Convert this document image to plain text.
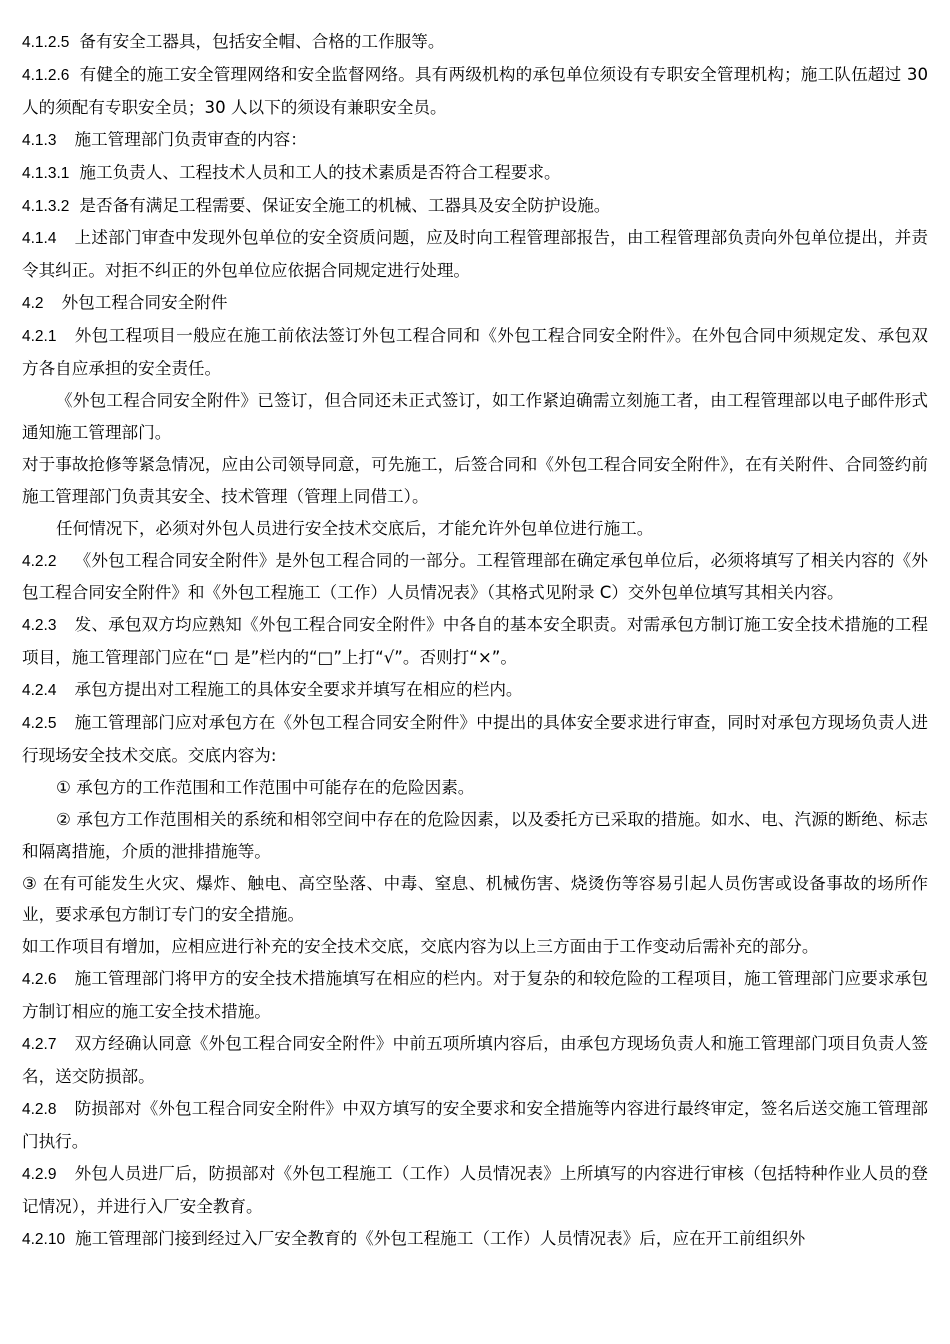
4.1.2.5 备有安全工器具，包括安全帽、合格的工作服等。

4.1.2.6 有健全的施工安全管理网络和安全监督网络。具有两级机构的承包单位须设有专职安全管理机构；施工队伍超过 30 人的须配有专职安全员；30 人以下的须设有兼职安全员。

4.1.3 施工管理部门负责审查的内容：

4.1.3.1 施工负责人、工程技术人员和工人的技术素质是否符合工程要求。

4.1.3.2 是否备有满足工程需要、保证安全施工的机械、工器具及安全防护设施。

4.1.4 上述部门审查中发现外包单位的安全资质问题，应及时向工程管理部报告，由工程管理部负责向外包单位提出，并责令其纠正。对拒不纠正的外包单位应依据合同规定进行处理。

4.2 外包工程合同安全附件

4.2.1 外包工程项目一般应在施工前依法签订外包工程合同和《外包工程合同安全附件》。在外包合同中须规定发、承包双方各自应承担的安全责任。

《外包工程合同安全附件》已签订，但合同还未正式签订，如工作紧迫确需立刻施工者，由工程管理部以电子邮件形式通知施工管理部门。

对于事故抢修等紧急情况，应由公司领导同意，可先施工，后签合同和《外包工程合同安全附件》，在有关附件、合同签约前施工管理部门负责其安全、技术管理（管理上同借工）。

任何情况下，必须对外包人员进行安全技术交底后，才能允许外包单位进行施工。

4.2.2 《外包工程合同安全附件》是外包工程合同的一部分。工程管理部在确定承包单位后，必须将填写了相关内容的《外包工程合同安全附件》和《外包工程施工（工作）人员情况表》（其格式见附录 C）交外包单位填写其相关内容。

4.2.3 发、承包双方均应熟知《外包工程合同安全附件》中各自的基本安全职责。对需承包方制订施工安全技术措施的工程项目，施工管理部门应在“□ 是”栏内的“□”上打“√”。否则打“×”。

4.2.4 承包方提出对工程施工的具体安全要求并填写在相应的栏内。

4.2.5 施工管理部门应对承包方在《外包工程合同安全附件》中提出的具体安全要求进行审查，同时对承包方现场负责人进行现场安全技术交底。交底内容为:

① 承包方的工作范围和工作范围中可能存在的危险因素。

② 承包方工作范围相关的系统和相邻空间中存在的危险因素，以及委托方已采取的措施。如水、电、汽源的断绝、标志和隔离措施，介质的泄排措施等。

③ 在有可能发生火灾、爆炸、触电、高空坠落、中毒、窒息、机械伤害、烧烫伤等容易引起人员伤害或设备事故的场所作业，要求承包方制订专门的安全措施。

如工作项目有增加，应相应进行补充的安全技术交底，交底内容为以上三方面由于工作变动后需补充的部分。

4.2.6 施工管理部门将甲方的安全技术措施填写在相应的栏内。对于复杂的和较危险的工程项目，施工管理部门应要求承包方制订相应的施工安全技术措施。

4.2.7 双方经确认同意《外包工程合同安全附件》中前五项所填内容后，由承包方现场负责人和施工管理部门项目负责人签名，送交防损部。

4.2.8 防损部对《外包工程合同安全附件》中双方填写的安全要求和安全措施等内容进行最终审定，签名后送交施工管理部门执行。

4.2.9 外包人员进厂后，防损部对《外包工程施工（工作）人员情况表》上所填写的内容进行审核（包括特种作业人员的登记情况），并进行入厂安全教育。

4.2.10 施工管理部门接到经过入厂安全教育的《外包工程施工（工作）人员情况表》后，应在开工前组织外
